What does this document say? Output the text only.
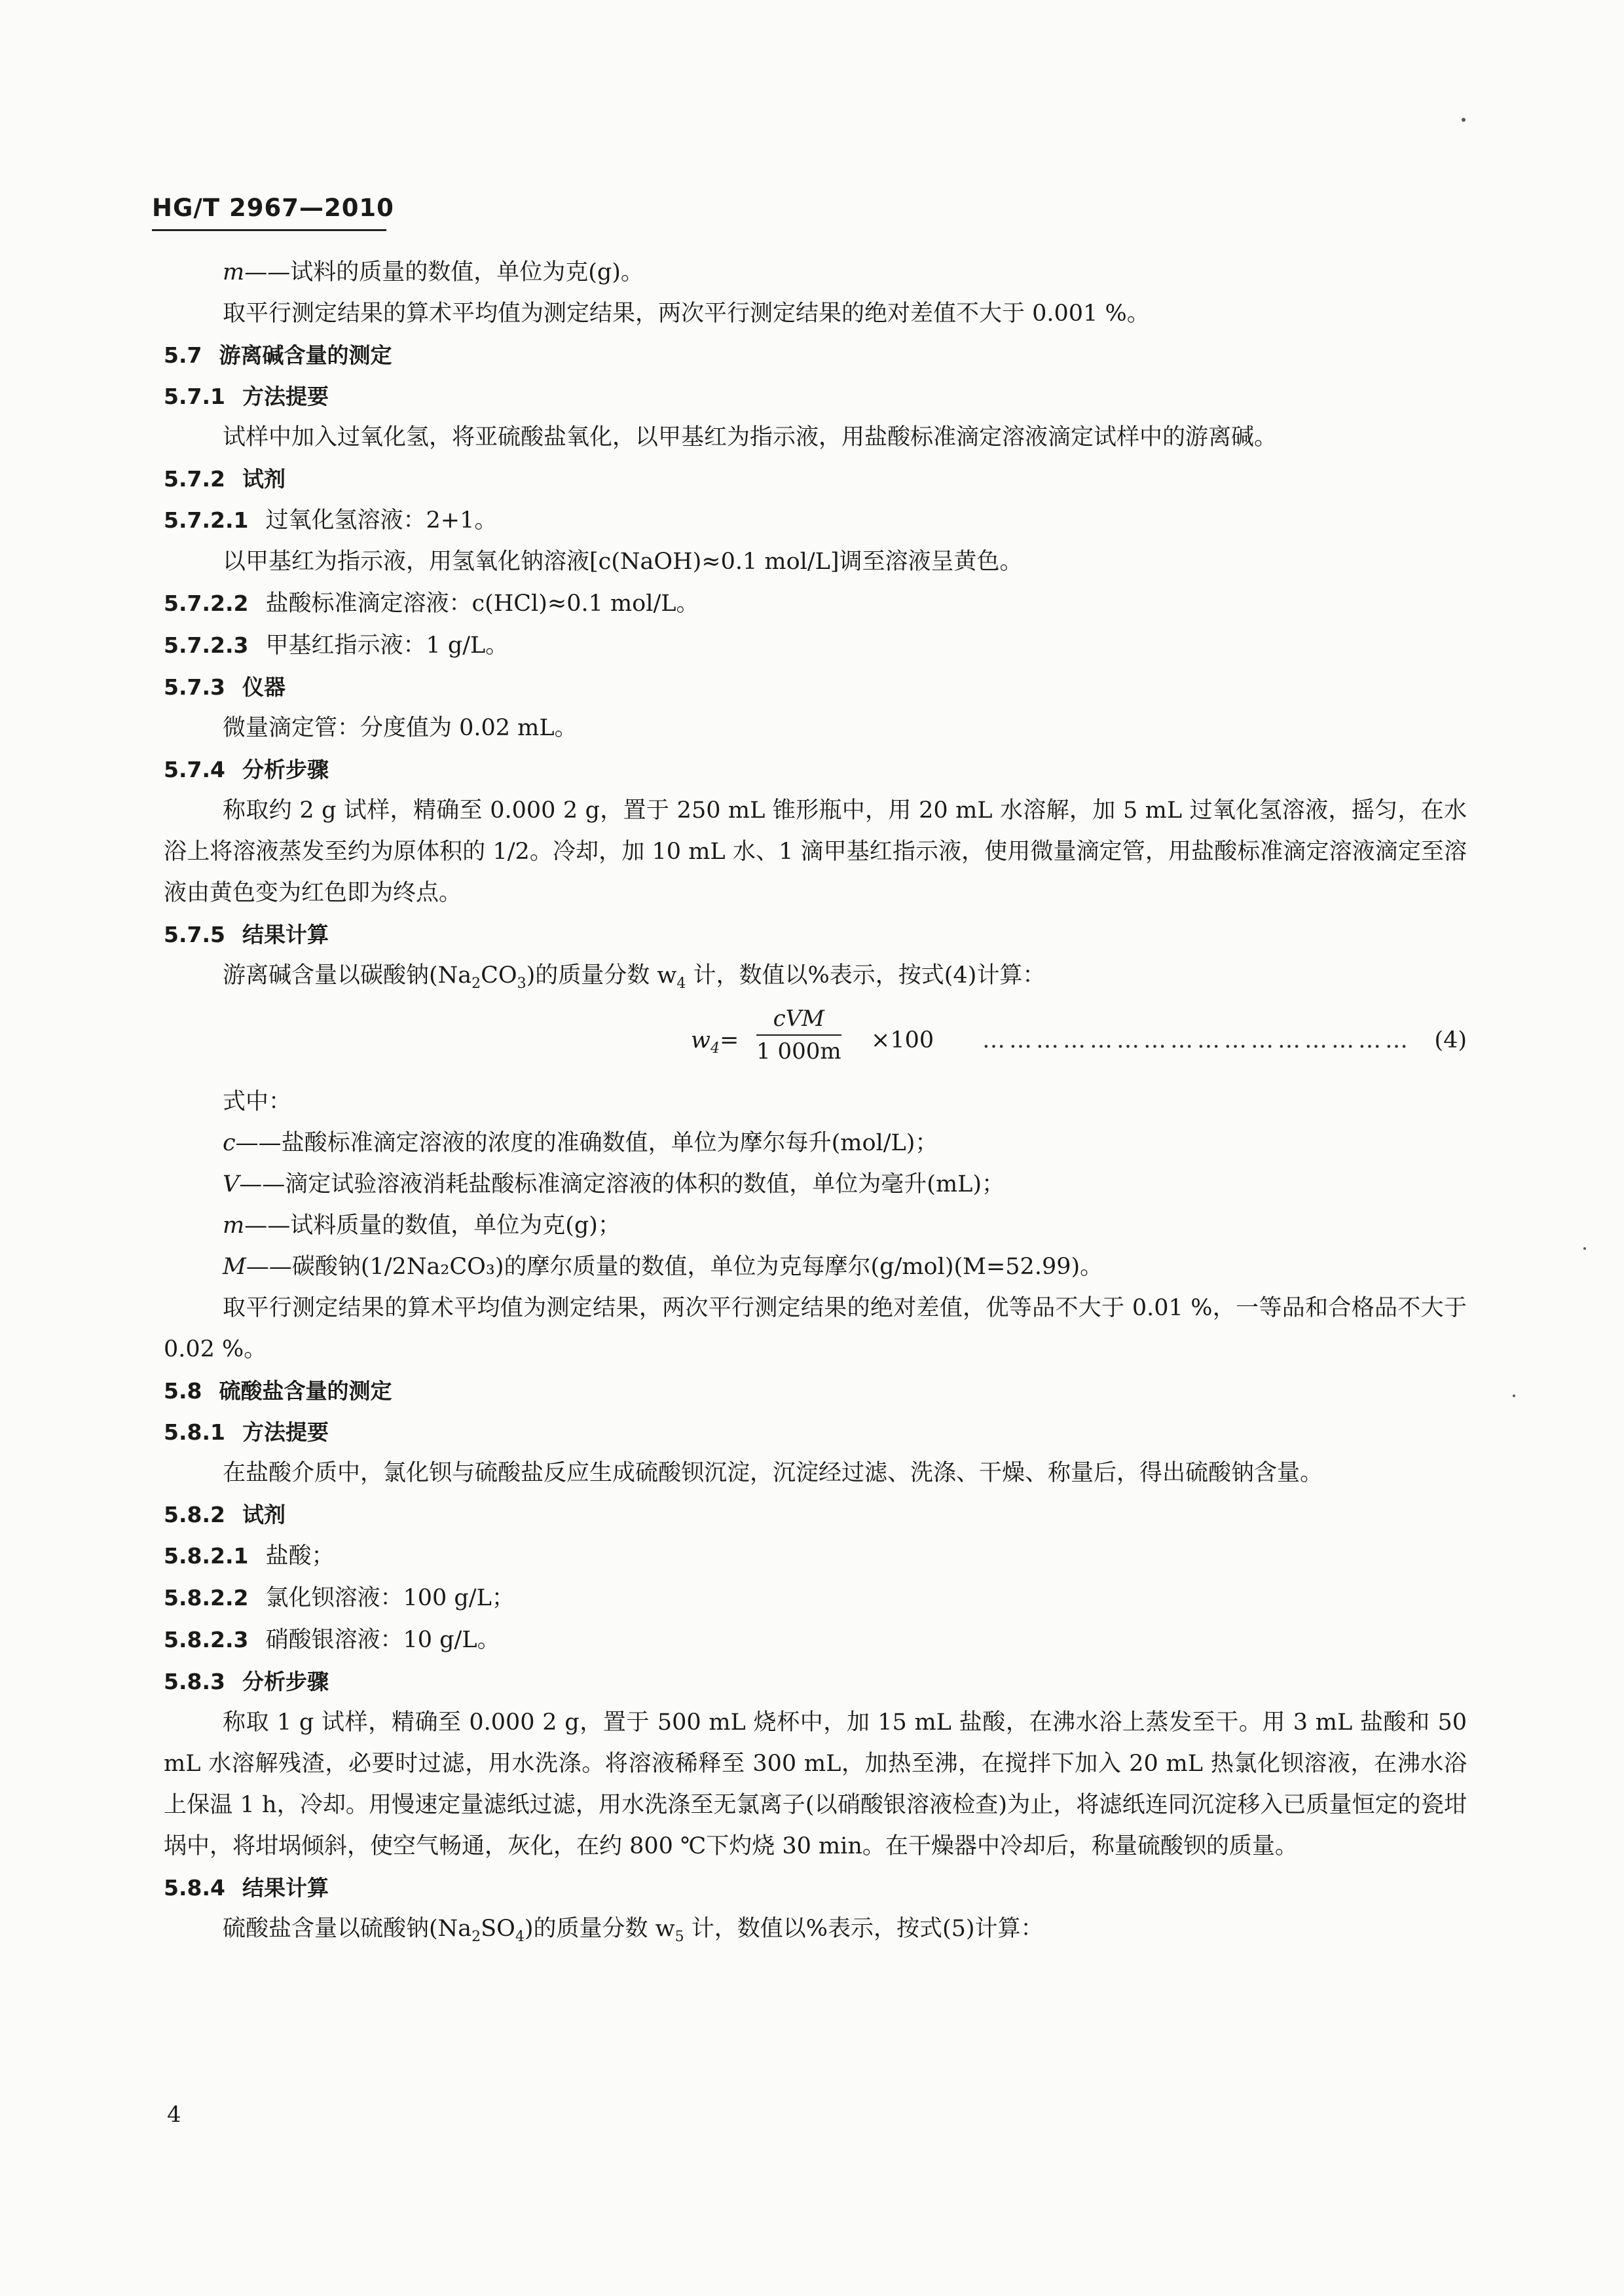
HG/T 2967—2010

m——试料的质量的数值，单位为克(g)。

取平行测定结果的算术平均值为测定结果，两次平行测定结果的绝对差值不大于 0.001 %。

5.7 游离碱含量的测定

5.7.1 方法提要

试样中加入过氧化氢，将亚硫酸盐氧化，以甲基红为指示液，用盐酸标准滴定溶液滴定试样中的游离碱。

5.7.2 试剂

5.7.2.1 过氧化氢溶液：2+1。

以甲基红为指示液，用氢氧化钠溶液[c(NaOH)≈0.1 mol/L]调至溶液呈黄色。

5.7.2.2 盐酸标准滴定溶液：c(HCl)≈0.1 mol/L。

5.7.2.3 甲基红指示液：1 g/L。

5.7.3 仪器

微量滴定管：分度值为 0.02 mL。

5.7.4 分析步骤

称取约 2 g 试样，精确至 0.000 2 g，置于 250 mL 锥形瓶中，用 20 mL 水溶解，加 5 mL 过氧化氢溶液，摇匀，在水浴上将溶液蒸发至约为原体积的 1/2。冷却，加 10 mL 水、1 滴甲基红指示液，使用微量滴定管，用盐酸标准滴定溶液滴定至溶液由黄色变为红色即为终点。

5.7.5 结果计算

游离碱含量以碳酸钠$(Na_2CO_3)$的质量分数 $w_4$ 计，数值以%表示，按式(4)计算：

$w_4=$
cVM
1 000m ×100 ………………………………………… (4)

式中：

c——盐酸标准滴定溶液的浓度的准确数值，单位为摩尔每升(mol/L)；

V——滴定试验溶液消耗盐酸标准滴定溶液的体积的数值，单位为毫升(mL)；

m——试料质量的数值，单位为克(g)；

M——碳酸钠(1/2Na₂CO₃)的摩尔质量的数值，单位为克每摩尔(g/mol)(M=52.99)。

取平行测定结果的算术平均值为测定结果，两次平行测定结果的绝对差值，优等品不大于 0.01 %，一等品和合格品不大于 0.02 %。

5.8 硫酸盐含量的测定

5.8.1 方法提要

在盐酸介质中，氯化钡与硫酸盐反应生成硫酸钡沉淀，沉淀经过滤、洗涤、干燥、称量后，得出硫酸钠含量。

5.8.2 试剂

5.8.2.1 盐酸；

5.8.2.2 氯化钡溶液：100 g/L；

5.8.2.3 硝酸银溶液：10 g/L。

5.8.3 分析步骤

称取 1 g 试样，精确至 0.000 2 g，置于 500 mL 烧杯中，加 15 mL 盐酸，在沸水浴上蒸发至干。用 3 mL 盐酸和 50 mL 水溶解残渣，必要时过滤，用水洗涤。将溶液稀释至 300 mL，加热至沸，在搅拌下加入 20 mL 热氯化钡溶液，在沸水浴上保温 1 h，冷却。用慢速定量滤纸过滤，用水洗涤至无氯离子(以硝酸银溶液检查)为止，将滤纸连同沉淀移入已质量恒定的瓷坩埚中，将坩埚倾斜，使空气畅通，灰化，在约 800 ℃下灼烧 30 min。在干燥器中冷却后，称量硫酸钡的质量。

5.8.4 结果计算

硫酸盐含量以硫酸钠$(Na_2SO_4)$的质量分数 $w_5$ 计，数值以%表示，按式(5)计算：

4
